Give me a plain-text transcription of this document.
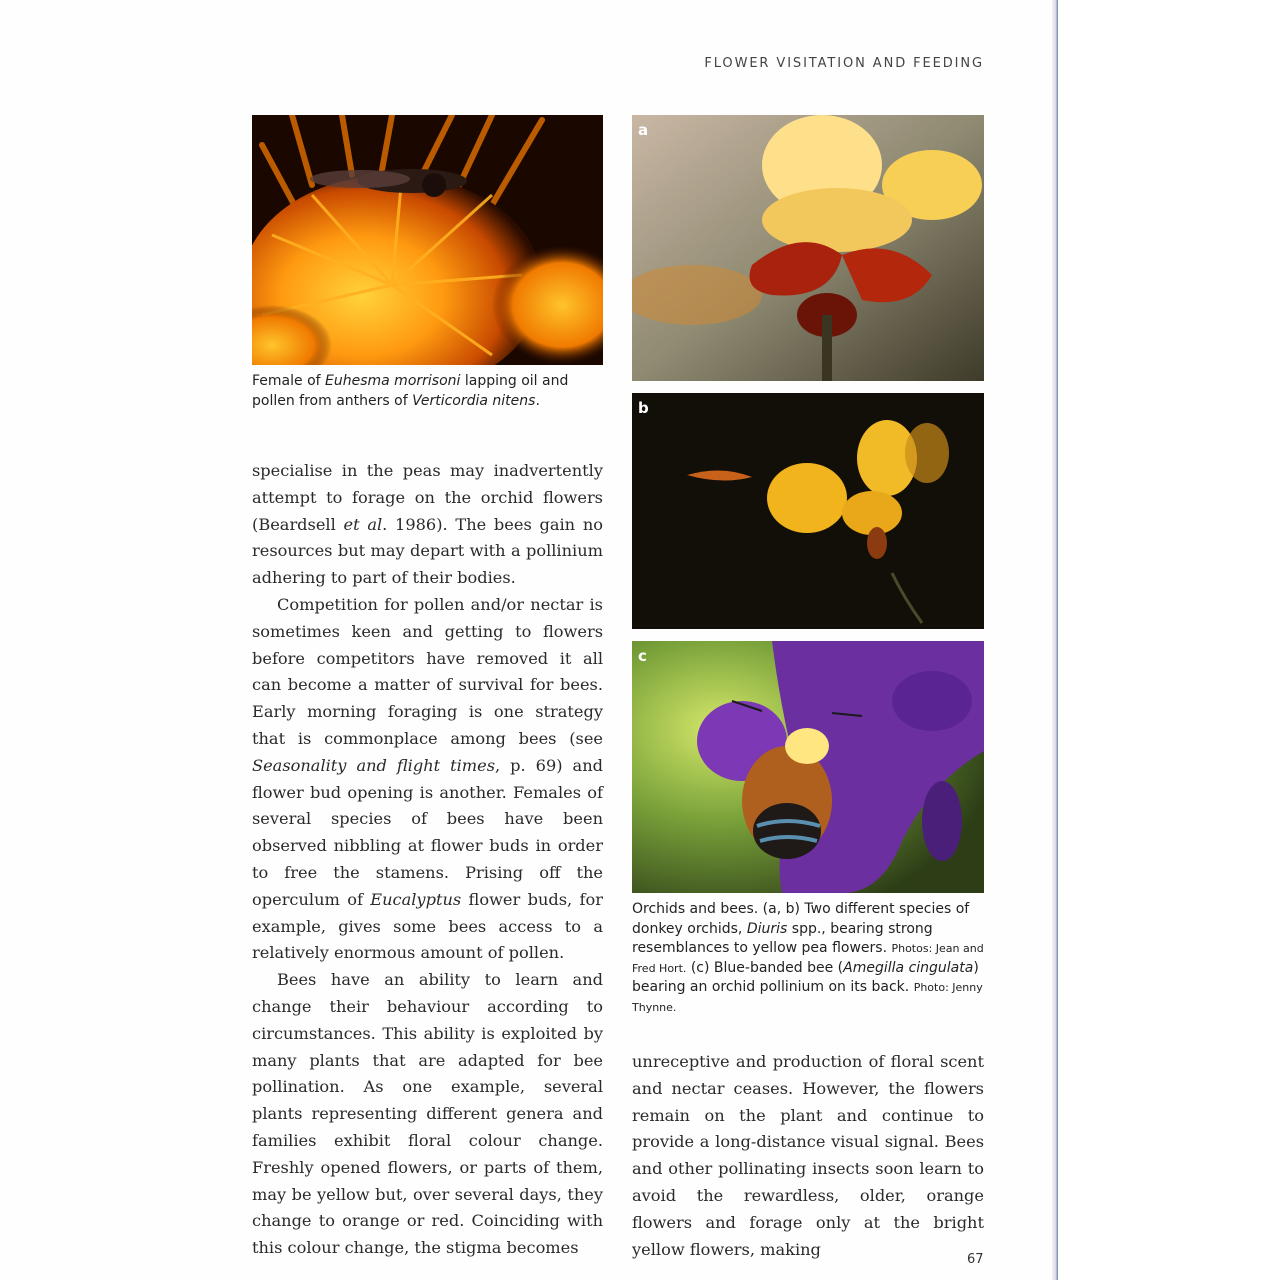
FLOWER VISITATION AND FEEDING
Female of Euhesma morrisoni lapping oil and pollen from anthers of Verticordia nitens.
a
b
c
Orchids and bees. (a, b) Two different species of donkey orchids, Diuris spp., bearing strong resemblances to yellow pea flowers. Photos: Jean and Fred Hort. (c) Blue-banded bee (Amegilla cingulata) bearing an orchid pollinium on its back. Photo: Jenny Thynne.

specialise in the peas may inadvertently attempt to forage on the orchid flowers (Beardsell et al. 1986). The bees gain no resources but may depart with a pollinium adhering to part of their bodies.

Competition for pollen and/or nectar is sometimes keen and getting to flowers before competitors have removed it all can become a matter of survival for bees. Early morning foraging is one strategy that is commonplace among bees (see Seasonality and flight times, p. 69) and flower bud opening is another. Females of several species of bees have been observed nibbling at flower buds in order to free the stamens. Prising off the operculum of Eucalyptus flower buds, for example, gives some bees access to a relatively enormous amount of pollen.

Bees have an ability to learn and change their behaviour according to circumstances. This ability is exploited by many plants that are adapted for bee pollination. As one example, several plants representing different genera and families exhibit floral colour change. Freshly opened flowers, or parts of them, may be yellow but, over several days, they change to orange or red. Coinciding with this colour change, the stigma becomes

unreceptive and production of floral scent and nectar ceases. However, the flowers remain on the plant and continue to provide a long-distance visual signal. Bees and other pollinating insects soon learn to avoid the rewardless, older, orange flowers and forage only at the bright yellow flowers, making

67
